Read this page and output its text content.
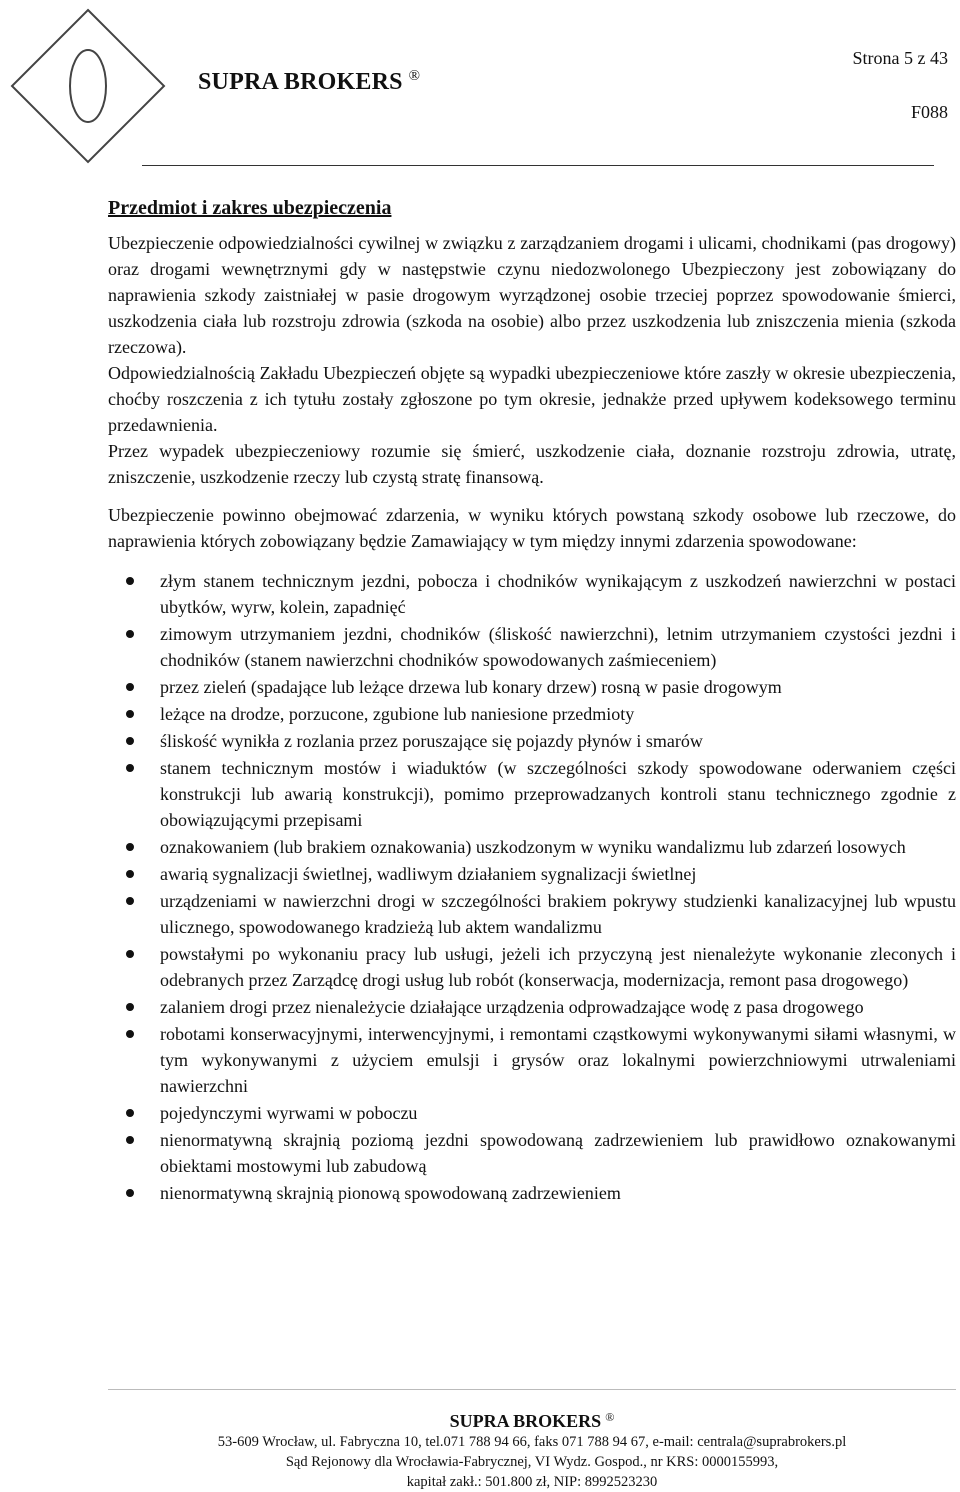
SUPRA BROKERS ®
Strona 5 z 43
F088
Przedmiot i zakres ubezpieczenia

Ubezpieczenie odpowiedzialności cywilnej w związku z zarządzaniem drogami i ulicami, chodnikami (pas drogowy) oraz drogami wewnętrznymi gdy w następstwie czynu niedozwolonego Ubezpieczony jest zobowiązany do naprawienia szkody zaistniałej w pasie drogowym wyrządzonej osobie trzeciej poprzez spowodowanie śmierci, uszkodzenia ciała lub rozstroju zdrowia (szkoda na osobie) albo przez uszkodzenia lub zniszczenia mienia (szkoda rzeczowa).

Odpowiedzialnością Zakładu Ubezpieczeń objęte są wypadki ubezpieczeniowe które zaszły w okresie ubezpieczenia, choćby roszczenia z ich tytułu zostały zgłoszone po tym okresie, jednakże przed upływem kodeksowego terminu przedawnienia.

Przez wypadek ubezpieczeniowy rozumie się śmierć, uszkodzenie ciała, doznanie rozstroju zdrowia, utratę, zniszczenie, uszkodzenie rzeczy lub czystą stratę finansową.

Ubezpieczenie powinno obejmować zdarzenia, w wyniku których powstaną szkody osobowe lub rzeczowe, do naprawienia których zobowiązany będzie Zamawiający w tym między innymi zdarzenia spowodowane:

złym stanem technicznym jezdni, pobocza i chodników wynikającym z uszkodzeń nawierzchni w postaci ubytków, wyrw, kolein, zapadnięć
zimowym utrzymaniem jezdni, chodników (śliskość nawierzchni), letnim utrzymaniem czystości jezdni i chodników (stanem nawierzchni chodników spowodowanych zaśmieceniem)
przez zieleń (spadające lub leżące drzewa lub konary drzew) rosną w pasie drogowym
leżące na drodze, porzucone, zgubione lub naniesione przedmioty
śliskość wynikła z rozlania przez poruszające się pojazdy płynów i smarów
stanem technicznym mostów i wiaduktów (w szczególności szkody spowodowane oderwaniem części konstrukcji lub awarią konstrukcji), pomimo przeprowadzanych kontroli stanu technicznego zgodnie z obowiązującymi przepisami
oznakowaniem (lub brakiem oznakowania) uszkodzonym w wyniku wandalizmu lub zdarzeń losowych
awarią sygnalizacji świetlnej, wadliwym działaniem sygnalizacji świetlnej
urządzeniami w nawierzchni drogi w szczególności brakiem pokrywy studzienki kanalizacyjnej lub wpustu ulicznego, spowodowanego kradzieżą lub aktem wandalizmu
powstałymi po wykonaniu pracy lub usługi, jeżeli ich przyczyną jest nienależyte wykonanie zleconych i odebranych przez Zarządcę drogi usług lub robót (konserwacja, modernizacja, remont pasa drogowego)
zalaniem drogi przez nienależycie działające urządzenia odprowadzające wodę z pasa drogowego
robotami konserwacyjnymi, interwencyjnymi, i remontami cząstkowymi wykonywanymi siłami własnymi, w tym wykonywanymi z użyciem emulsji i grysów oraz lokalnymi powierzchniowymi utrwaleniami nawierzchni
pojedynczymi wyrwami w poboczu
nienormatywną skrajnią poziomą jezdni spowodowaną zadrzewieniem lub prawidłowo oznakowanymi obiektami mostowymi lub zabudową
nienormatywną skrajnią pionową spowodowaną zadrzewieniem
SUPRA BROKERS ®
53-609 Wrocław, ul. Fabryczna 10, tel.071 788 94 66, faks 071 788 94 67, e-mail: centrala@suprabrokers.pl
Sąd Rejonowy dla Wrocławia-Fabrycznej, VI Wydz. Gospod., nr KRS: 0000155993,
kapitał zakł.: 501.800 zł, NIP: 8992523230
